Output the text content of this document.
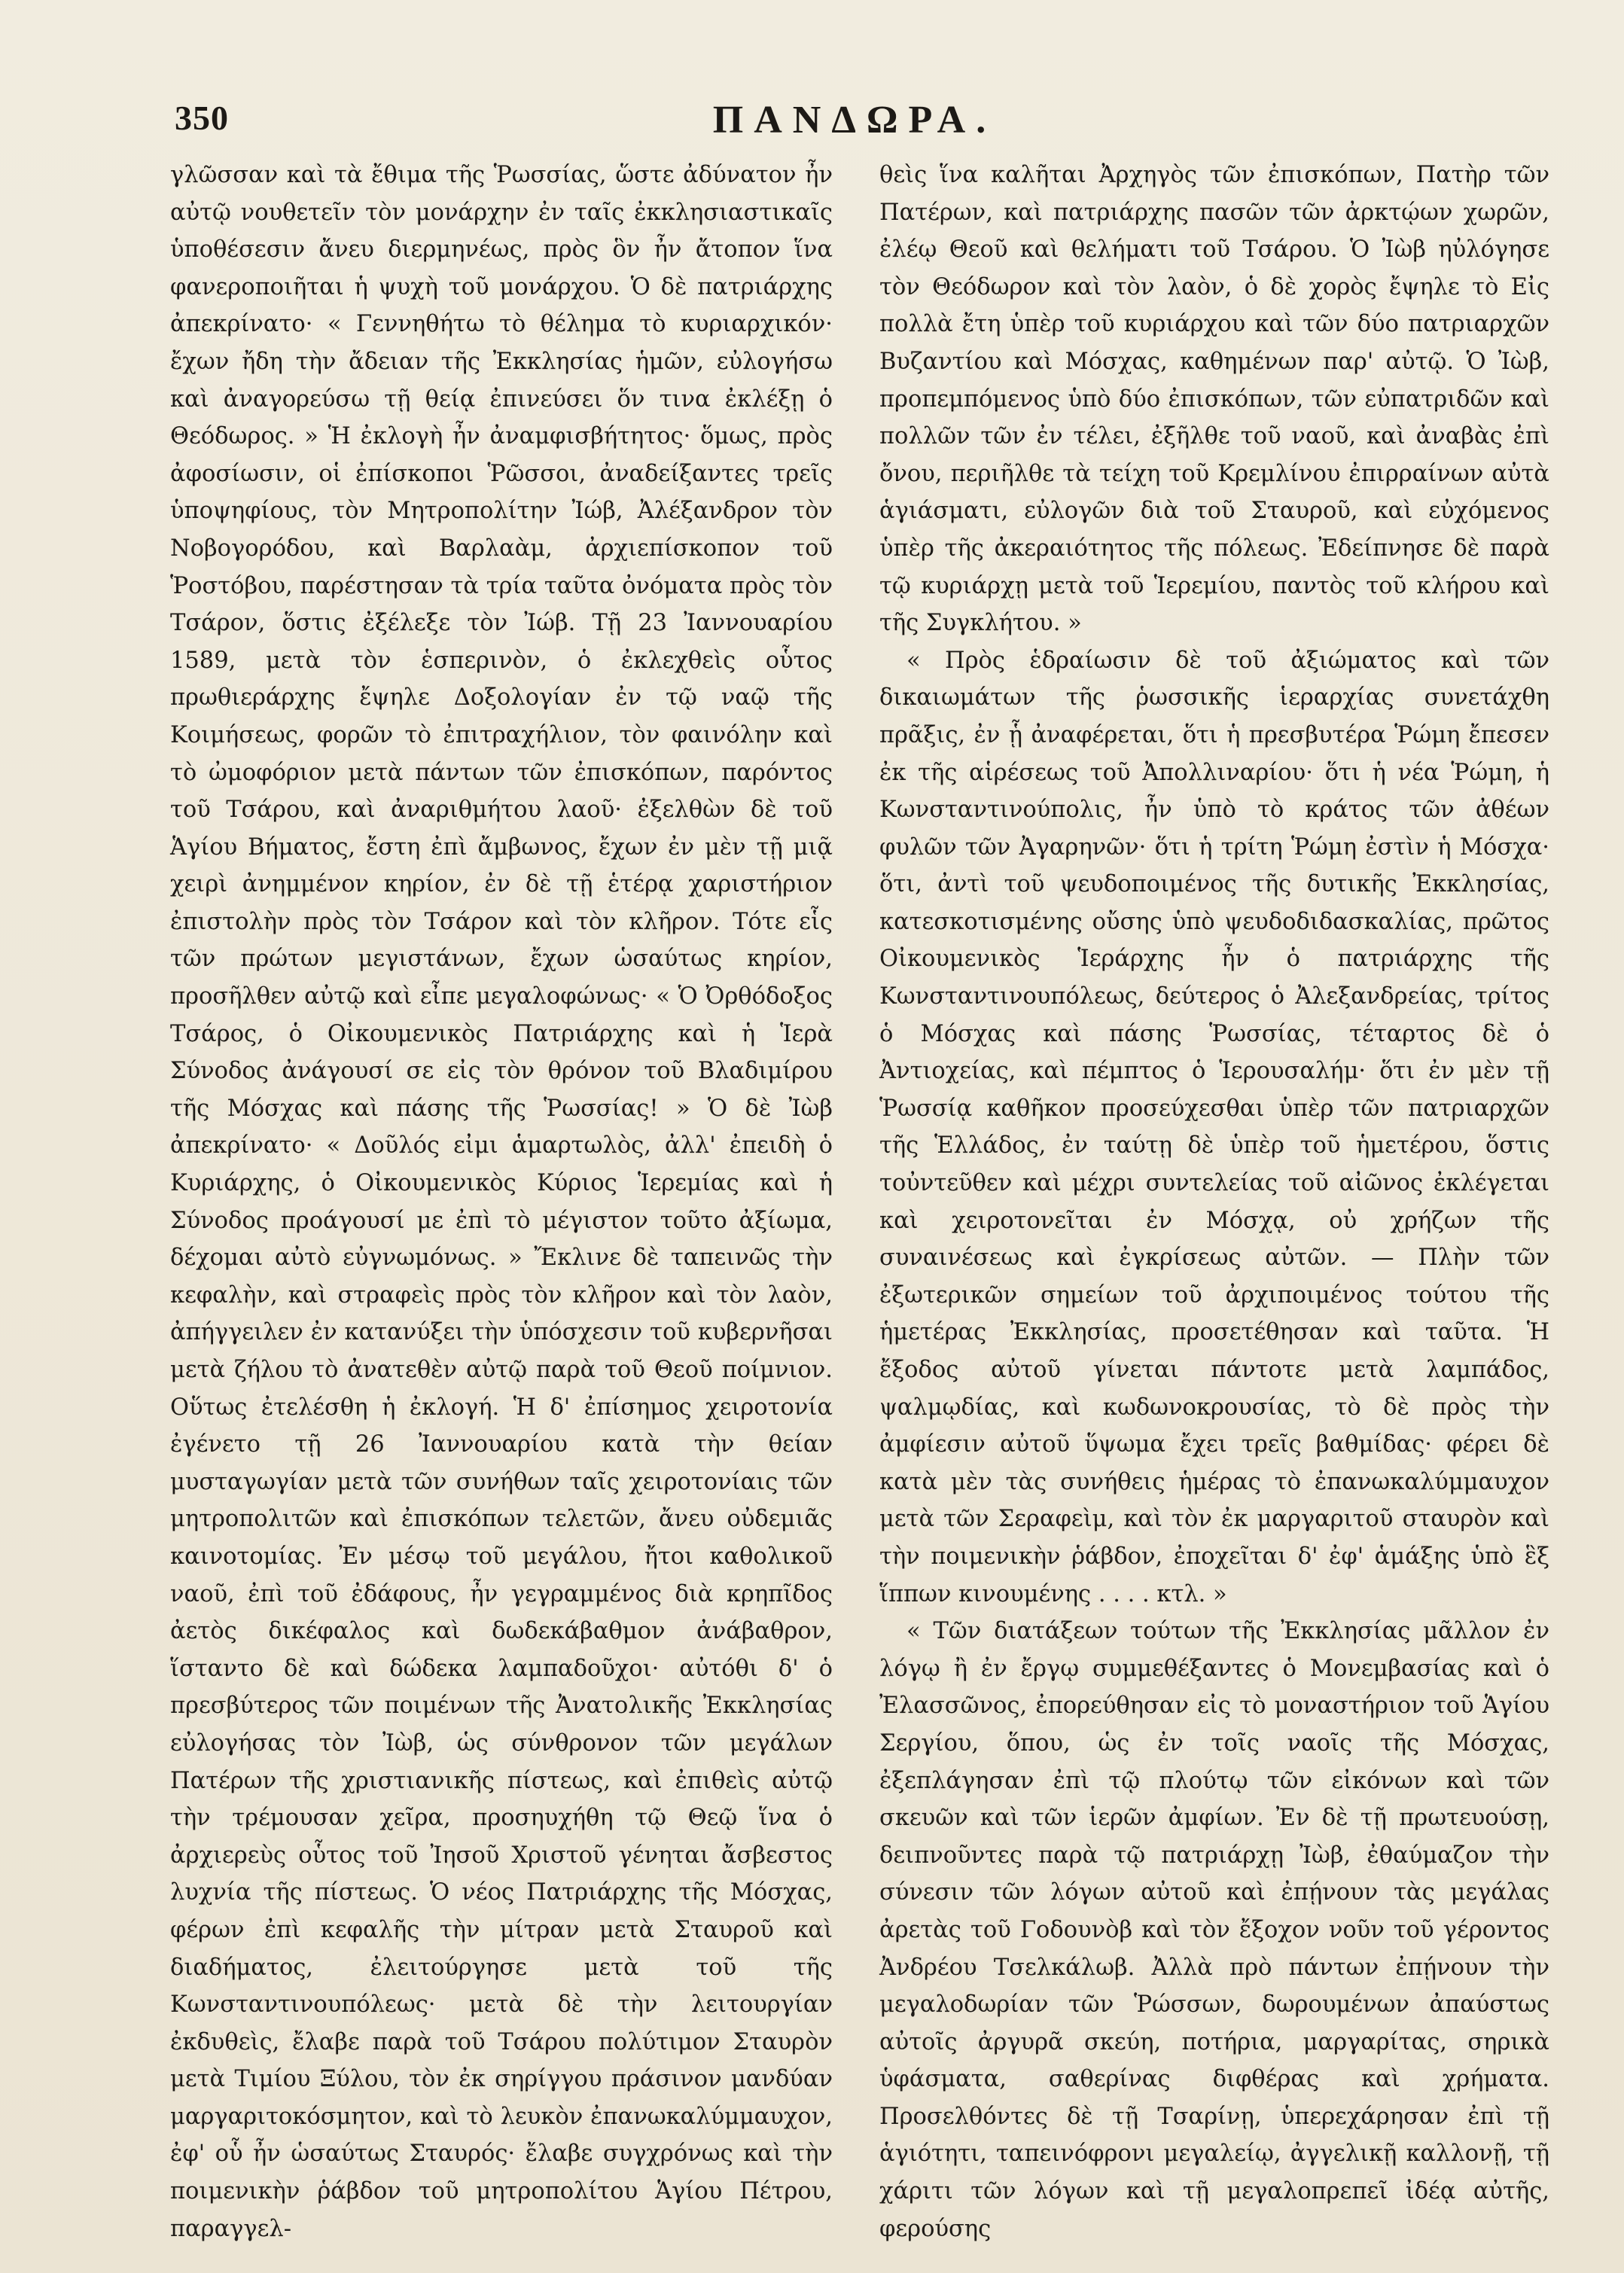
350	ΠΑΝΔΩΡΑ.

γλῶσσαν καὶ τὰ ἔθιμα τῆς Ῥωσσίας, ὥστε ἀδύνατον ἦν αὐτῷ νουθετεῖν τὸν μονάρχην ἐν ταῖς ἐκκλησιαστικαῖς ὑποθέσεσιν ἄνευ διερμηνέως, πρὸς ὃν ἦν ἄτοπον ἵνα φανεροποιῆται ἡ ψυχὴ τοῦ μονάρχου. Ὁ δὲ πατριάρχης ἀπεκρίνατο· « Γεννηθήτω τὸ θέλημα τὸ κυριαρχικόν· ἔχων ἤδη τὴν ἄδειαν τῆς Ἐκκλησίας ἡμῶν, εὐλογήσω καὶ ἀναγορεύσω τῇ θείᾳ ἐπινεύσει ὅν τινα ἐκλέξῃ ὁ Θεόδωρος. » Ἡ ἐκλογὴ ἦν ἀναμφισβήτητος· ὅμως, πρὸς ἀφοσίωσιν, οἱ ἐπίσκοποι Ῥῶσσοι, ἀναδείξαντες τρεῖς ὑποψηφίους, τὸν Μητροπολίτην Ἰώβ, Ἀλέξανδρον τὸν Νοβογορόδου, καὶ Βαρλαὰμ, ἀρχιεπίσκοπον τοῦ Ῥοστόβου, παρέστησαν τὰ τρία ταῦτα ὀνόματα πρὸς τὸν Τσάρον, ὅστις ἐξέλεξε τὸν Ἰώβ. Τῇ 23 Ἰαννουαρίου 1589, μετὰ τὸν ἑσπερινὸν, ὁ ἐκλεχθεὶς οὗτος πρωθιεράρχης ἔψηλε Δοξολογίαν ἐν τῷ ναῷ τῆς Κοιμήσεως, φορῶν τὸ ἐπιτραχήλιον, τὸν φαινόλην καὶ τὸ ὠμοφόριον μετὰ πάντων τῶν ἐπισκόπων, παρόντος τοῦ Τσάρου, καὶ ἀναριθμήτου λαοῦ· ἐξελθὼν δὲ τοῦ Ἁγίου Βήματος, ἔστη ἐπὶ ἄμβωνος, ἔχων ἐν μὲν τῇ μιᾷ χειρὶ ἀνημμένον κηρίον, ἐν δὲ τῇ ἑτέρᾳ χαριστήριον ἐπιστολὴν πρὸς τὸν Τσάρον καὶ τὸν κλῆρον. Τότε εἷς τῶν πρώτων μεγιστάνων, ἔχων ὡσαύτως κηρίον, προσῆλθεν αὐτῷ καὶ εἶπε μεγαλοφώνως· « Ὁ Ὀρθόδοξος Τσάρος, ὁ Οἰκουμενικὸς Πατριάρχης καὶ ἡ Ἱερὰ Σύνοδος ἀνάγουσί σε εἰς τὸν θρόνον τοῦ Βλαδιμίρου τῆς Μόσχας καὶ πάσης τῆς Ῥωσσίας! » Ὁ δὲ Ἰὼβ ἀπεκρίνατο· « Δοῦλός εἰμι ἁμαρτωλὸς, ἀλλ' ἐπειδὴ ὁ Κυριάρχης, ὁ Οἰκουμενικὸς Κύριος Ἱερεμίας καὶ ἡ Σύνοδος προάγουσί με ἐπὶ τὸ μέγιστον τοῦτο ἀξίωμα, δέχομαι αὐτὸ εὐγνωμόνως. » Ἔκλινε δὲ ταπεινῶς τὴν κεφαλὴν, καὶ στραφεὶς πρὸς τὸν κλῆρον καὶ τὸν λαὸν, ἀπήγγειλεν ἐν κατανύξει τὴν ὑπόσχεσιν τοῦ κυβερνῆσαι μετὰ ζήλου τὸ ἀνατεθὲν αὐτῷ παρὰ τοῦ Θεοῦ ποίμνιον. Οὕτως ἐτελέσθη ἡ ἐκλογή. Ἡ δ' ἐπίσημος χειροτονία ἐγένετο τῇ 26 Ἰαννουαρίου κατὰ τὴν θείαν μυσταγωγίαν μετὰ τῶν συνήθων ταῖς χειροτονίαις τῶν μητροπολιτῶν καὶ ἐπισκόπων τελετῶν, ἄνευ οὐδεμιᾶς καινοτομίας. Ἐν μέσῳ τοῦ μεγάλου, ἤτοι καθολικοῦ ναοῦ, ἐπὶ τοῦ ἐδάφους, ἦν γεγραμμένος διὰ κρηπῖδος ἀετὸς δικέφαλος καὶ δωδεκάβαθμον ἀνάβαθρον, ἵσταντο δὲ καὶ δώδεκα λαμπαδοῦχοι· αὐτόθι δ' ὁ πρεσβύτερος τῶν ποιμένων τῆς Ἀνατολικῆς Ἐκκλησίας εὐλογήσας τὸν Ἰὼβ, ὡς σύνθρονον τῶν μεγάλων Πατέρων τῆς χριστιανικῆς πίστεως, καὶ ἐπιθεὶς αὐτῷ τὴν τρέμουσαν χεῖρα, προσηυχήθη τῷ Θεῷ ἵνα ὁ ἀρχιερεὺς οὗτος τοῦ Ἰησοῦ Χριστοῦ γένηται ἄσβεστος λυχνία τῆς πίστεως. Ὁ νέος Πατριάρχης τῆς Μόσχας, φέρων ἐπὶ κεφαλῆς τὴν μίτραν μετὰ Σταυροῦ καὶ διαδήματος, ἐλειτούργησε μετὰ τοῦ τῆς Κωνσταντινουπόλεως· μετὰ δὲ τὴν λειτουργίαν ἐκδυθεὶς, ἔλαβε παρὰ τοῦ Τσάρου πολύτιμον Σταυρὸν μετὰ Τιμίου Ξύλου, τὸν ἐκ σηρίγγου πράσινον μανδύαν μαργαριτοκόσμητον, καὶ τὸ λευκὸν ἐπανωκαλύμμαυχον, ἐφ' οὗ ἦν ὡσαύτως Σταυρός· ἔλαβε συγχρόνως καὶ τὴν ποιμενικὴν ῥάβδον τοῦ μητροπολίτου Ἁγίου Πέτρου, παραγγελ-

θεὶς ἵνα καλῆται Ἀρχηγὸς τῶν ἐπισκόπων, Πατὴρ τῶν Πατέρων, καὶ πατριάρχης πασῶν τῶν ἀρκτῴων χωρῶν, ἐλέῳ Θεοῦ καὶ θελήματι τοῦ Τσάρου. Ὁ Ἰὼβ ηὐλόγησε τὸν Θεόδωρον καὶ τὸν λαὸν, ὁ δὲ χορὸς ἔψηλε τὸ Εἰς πολλὰ ἔτη ὑπὲρ τοῦ κυριάρχου καὶ τῶν δύο πατριαρχῶν Βυζαντίου καὶ Μόσχας, καθημένων παρ' αὐτῷ. Ὁ Ἰὼβ, προπεμπόμενος ὑπὸ δύο ἐπισκόπων, τῶν εὐπατριδῶν καὶ πολλῶν τῶν ἐν τέλει, ἐξῆλθε τοῦ ναοῦ, καὶ ἀναβὰς ἐπὶ ὄνου, περιῆλθε τὰ τείχη τοῦ Κρεμλίνου ἐπιρραίνων αὐτὰ ἁγιάσματι, εὐλογῶν διὰ τοῦ Σταυροῦ, καὶ εὐχόμενος ὑπὲρ τῆς ἀκεραιότητος τῆς πόλεως. Ἐδείπνησε δὲ παρὰ τῷ κυριάρχῃ μετὰ τοῦ Ἱερεμίου, παντὸς τοῦ κλήρου καὶ τῆς Συγκλήτου. »

« Πρὸς ἑδραίωσιν δὲ τοῦ ἀξιώματος καὶ τῶν δικαιωμάτων τῆς ῥωσσικῆς ἱεραρχίας συνετάχθη πρᾶξις, ἐν ᾗ ἀναφέρεται, ὅτι ἡ πρεσβυτέρα Ῥώμη ἔπεσεν ἐκ τῆς αἱρέσεως τοῦ Ἀπολλιναρίου· ὅτι ἡ νέα Ῥώμη, ἡ Κωνσταντινούπολις, ἦν ὑπὸ τὸ κράτος τῶν ἀθέων φυλῶν τῶν Ἀγαρηνῶν· ὅτι ἡ τρίτη Ῥώμη ἐστὶν ἡ Μόσχα· ὅτι, ἀντὶ τοῦ ψευδοποιμένος τῆς δυτικῆς Ἐκκλησίας, κατεσκοτισμένης οὔσης ὑπὸ ψευδοδιδασκαλίας, πρῶτος Οἰκουμενικὸς Ἱεράρχης ἦν ὁ πατριάρχης τῆς Κωνσταντινουπόλεως, δεύτερος ὁ Ἀλεξανδρείας, τρίτος ὁ Μόσχας καὶ πάσης Ῥωσσίας, τέταρτος δὲ ὁ Ἀντιοχείας, καὶ πέμπτος ὁ Ἱερουσαλήμ· ὅτι ἐν μὲν τῇ Ῥωσσίᾳ καθῆκον προσεύχεσθαι ὑπὲρ τῶν πατριαρχῶν τῆς Ἑλλάδος, ἐν ταύτῃ δὲ ὑπὲρ τοῦ ἡμετέρου, ὅστις τοὐντεῦθεν καὶ μέχρι συντελείας τοῦ αἰῶνος ἐκλέγεται καὶ χειροτονεῖται ἐν Μόσχᾳ, οὐ χρήζων τῆς συναινέσεως καὶ ἐγκρίσεως αὐτῶν. — Πλὴν τῶν ἐξωτερικῶν σημείων τοῦ ἀρχιποιμένος τούτου τῆς ἡμετέρας Ἐκκλησίας, προσετέθησαν καὶ ταῦτα. Ἡ ἔξοδος αὐτοῦ γίνεται πάντοτε μετὰ λαμπάδος, ψαλμῳδίας, καὶ κωδωνοκρουσίας, τὸ δὲ πρὸς τὴν ἀμφίεσιν αὐτοῦ ὕψωμα ἔχει τρεῖς βαθμίδας· φέρει δὲ κατὰ μὲν τὰς συνήθεις ἡμέρας τὸ ἐπανωκαλύμμαυχον μετὰ τῶν Σεραφεὶμ, καὶ τὸν ἐκ μαργαριτοῦ σταυρὸν καὶ τὴν ποιμενικὴν ῥάβδον, ἐποχεῖται δ' ἐφ' ἁμάξης ὑπὸ ἓξ ἵππων κινουμένης . . . . κτλ. »

« Τῶν διατάξεων τούτων τῆς Ἐκκλησίας μᾶλλον ἐν λόγῳ ἢ ἐν ἔργῳ συμμεθέξαντες ὁ Μονεμβασίας καὶ ὁ Ἐλασσῶνος, ἐπορεύθησαν εἰς τὸ μοναστήριον τοῦ Ἁγίου Σεργίου, ὅπου, ὡς ἐν τοῖς ναοῖς τῆς Μόσχας, ἐξεπλάγησαν ἐπὶ τῷ πλούτῳ τῶν εἰκόνων καὶ τῶν σκευῶν καὶ τῶν ἱερῶν ἀμφίων. Ἐν δὲ τῇ πρωτευούσῃ, δειπνοῦντες παρὰ τῷ πατριάρχῃ Ἰὼβ, ἐθαύμαζον τὴν σύνεσιν τῶν λόγων αὐτοῦ καὶ ἐπῄνουν τὰς μεγάλας ἀρετὰς τοῦ Γοδουνὸβ καὶ τὸν ἔξοχον νοῦν τοῦ γέροντος Ἀνδρέου Τσελκάλωβ. Ἀλλὰ πρὸ πάντων ἐπῄνουν τὴν μεγαλοδωρίαν τῶν Ῥώσσων, δωρουμένων ἀπαύστως αὐτοῖς ἀργυρᾶ σκεύη, ποτήρια, μαργαρίτας, σηρικὰ ὑφάσματα, σαθερίνας διφθέρας καὶ χρήματα. Προσελθόντες δὲ τῇ Τσαρίνῃ, ὑπερεχάρησαν ἐπὶ τῇ ἁγιότητι, ταπεινόφρονι μεγαλείῳ, ἀγγελικῇ καλλονῇ, τῇ χάριτι τῶν λόγων καὶ τῇ μεγαλοπρεπεῖ ἰδέᾳ αὐτῆς, φερούσης
